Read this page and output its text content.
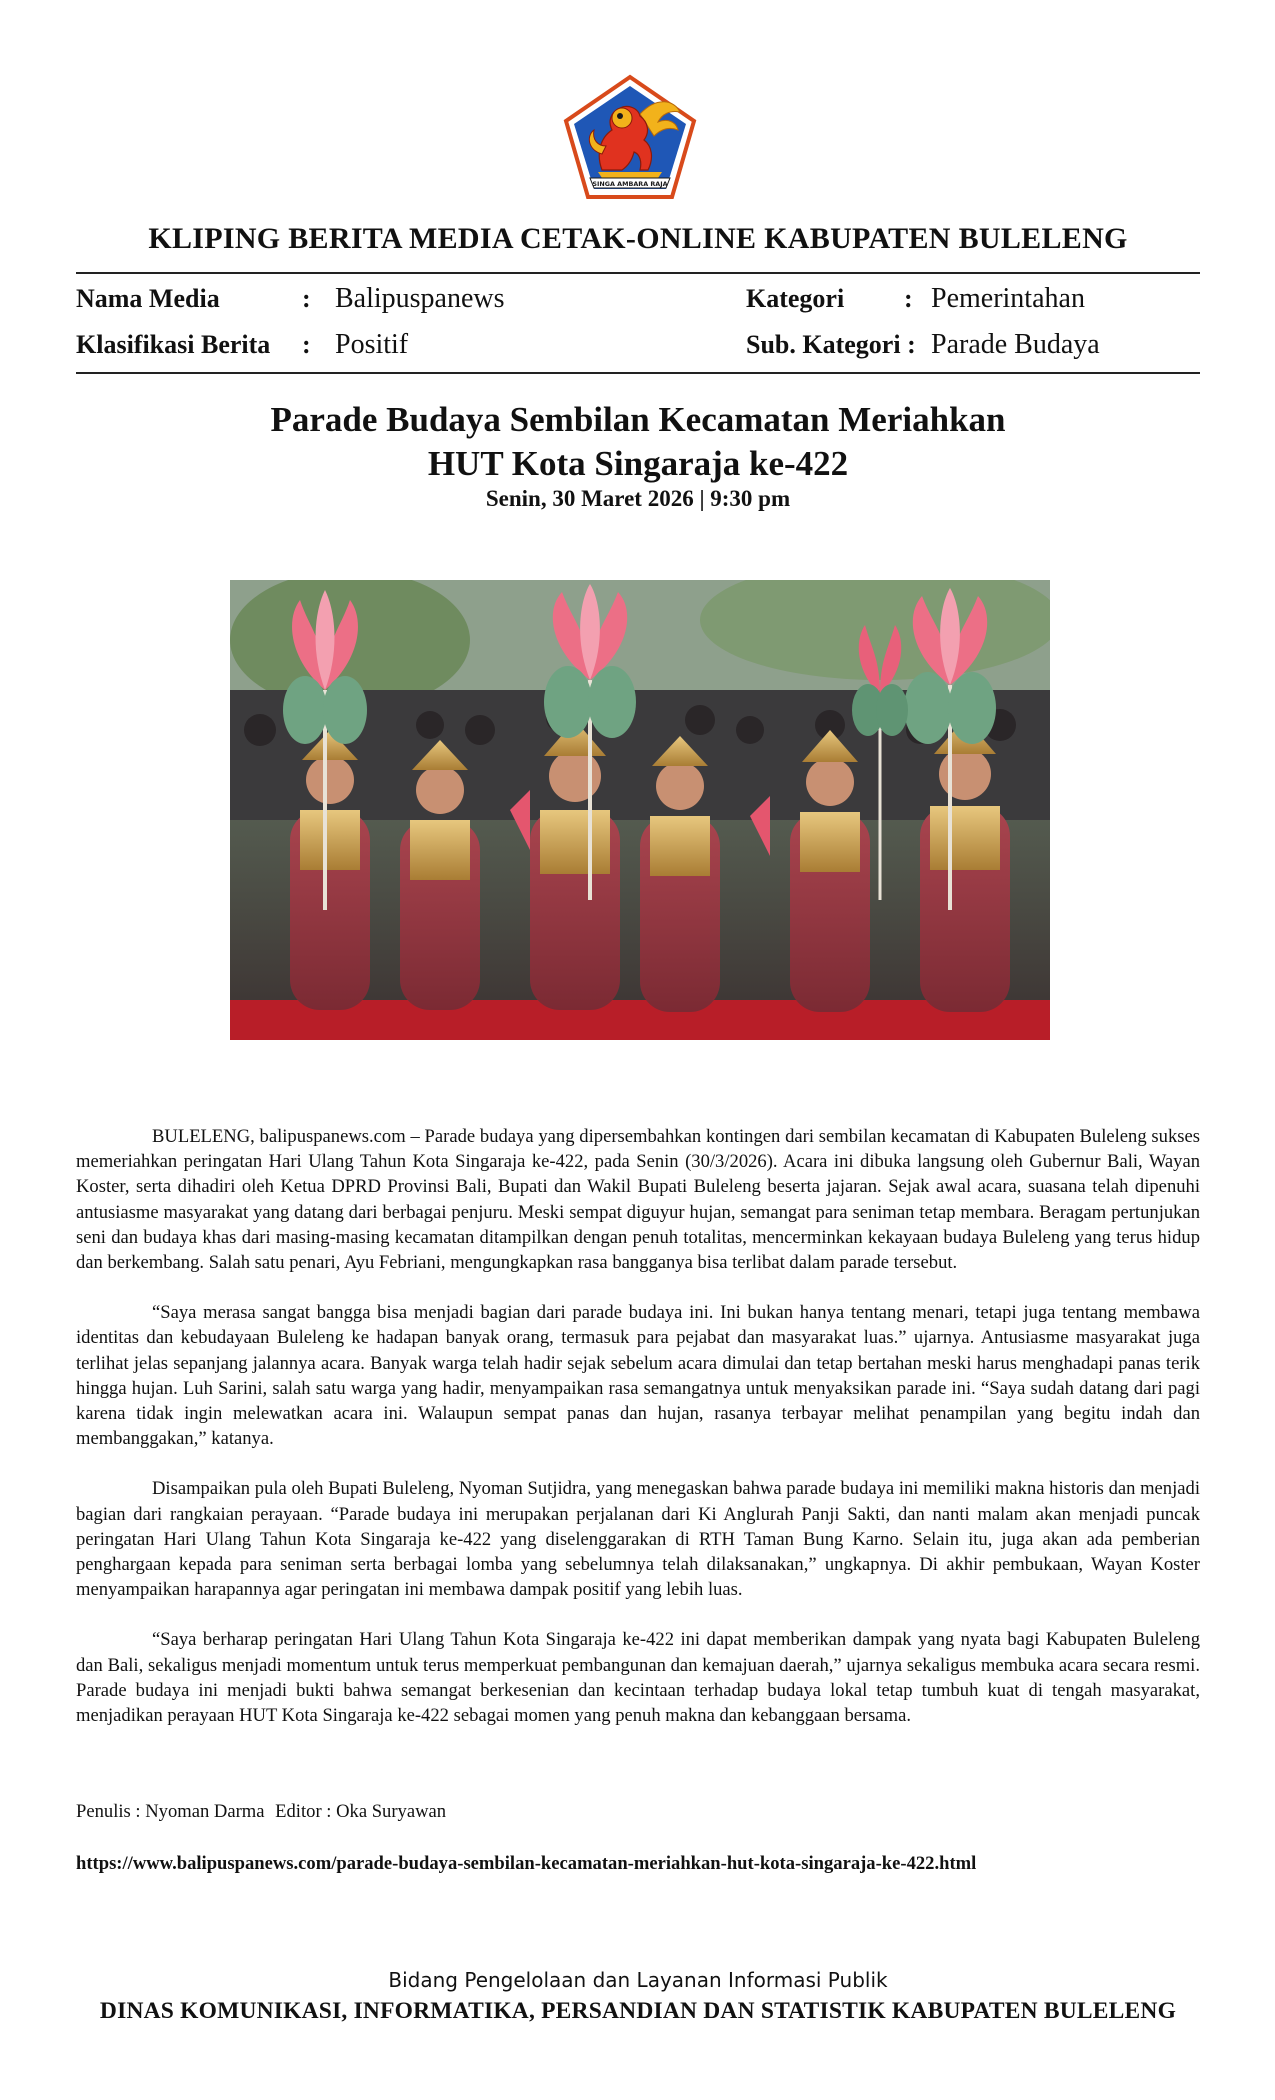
SINGA AMBARA RAJA
KLIPING BERITA MEDIA CETAK-ONLINE KABUPATEN BULELENG
Nama Media	: Balipuspanews	Kategori : Pemerintahan
Klasifikasi Berita : Positif	Sub. Kategori : Parade Budaya
Parade Budaya Sembilan Kecamatan Meriahkan
HUT Kota Singaraja ke-422
Senin, 30 Maret 2026 | 9:30 pm

BULELENG, balipuspanews.com – Parade budaya yang dipersembahkan kontingen dari sembilan kecamatan di Kabupaten Buleleng sukses memeriahkan peringatan Hari Ulang Tahun Kota Singaraja ke-422, pada Senin (30/3/2026). Acara ini dibuka langsung oleh Gubernur Bali, Wayan Koster, serta dihadiri oleh Ketua DPRD Provinsi Bali, Bupati dan Wakil Bupati Buleleng beserta jajaran. Sejak awal acara, suasana telah dipenuhi antusiasme masyarakat yang datang dari berbagai penjuru. Meski sempat diguyur hujan, semangat para seniman tetap membara. Beragam pertunjukan seni dan budaya khas dari masing-masing kecamatan ditampilkan dengan penuh totalitas, mencerminkan kekayaan budaya Buleleng yang terus hidup dan berkembang. Salah satu penari, Ayu Febriani, mengungkapkan rasa bangganya bisa terlibat dalam parade tersebut.

“Saya merasa sangat bangga bisa menjadi bagian dari parade budaya ini. Ini bukan hanya tentang menari, tetapi juga tentang membawa identitas dan kebudayaan Buleleng ke hadapan banyak orang, termasuk para pejabat dan masyarakat luas.” ujarnya. Antusiasme masyarakat juga terlihat jelas sepanjang jalannya acara. Banyak warga telah hadir sejak sebelum acara dimulai dan tetap bertahan meski harus menghadapi panas terik hingga hujan. Luh Sarini, salah satu warga yang hadir, menyampaikan rasa semangatnya untuk menyaksikan parade ini. “Saya sudah datang dari pagi karena tidak ingin melewatkan acara ini. Walaupun sempat panas dan hujan, rasanya terbayar melihat penampilan yang begitu indah dan membanggakan,” katanya.

Disampaikan pula oleh Bupati Buleleng, Nyoman Sutjidra, yang menegaskan bahwa parade budaya ini memiliki makna historis dan menjadi bagian dari rangkaian perayaan. “Parade budaya ini merupakan perjalanan dari Ki Anglurah Panji Sakti, dan nanti malam akan menjadi puncak peringatan Hari Ulang Tahun Kota Singaraja ke-422 yang diselenggarakan di RTH Taman Bung Karno. Selain itu, juga akan ada pemberian penghargaan kepada para seniman serta berbagai lomba yang sebelumnya telah dilaksanakan,” ungkapnya. Di akhir pembukaan, Wayan Koster menyampaikan harapannya agar peringatan ini membawa dampak positif yang lebih luas.

“Saya berharap peringatan Hari Ulang Tahun Kota Singaraja ke-422 ini dapat memberikan dampak yang nyata bagi Kabupaten Buleleng dan Bali, sekaligus menjadi momentum untuk terus memperkuat pembangunan dan kemajuan daerah,” ujarnya sekaligus membuka acara secara resmi. Parade budaya ini menjadi bukti bahwa semangat berkesenian dan kecintaan terhadap budaya lokal tetap tumbuh kuat di tengah masyarakat, menjadikan perayaan HUT Kota Singaraja ke-422 sebagai momen yang penuh makna dan kebanggaan bersama.

Penulis : Nyoman Darma Editor : Oka Suryawan
https://www.balipuspanews.com/parade-budaya-sembilan-kecamatan-meriahkan-hut-kota-singaraja-ke-422.html
Bidang Pengelolaan dan Layanan Informasi Publik
DINAS KOMUNIKASI, INFORMATIKA, PERSANDIAN DAN STATISTIK KABUPATEN BULELENG
